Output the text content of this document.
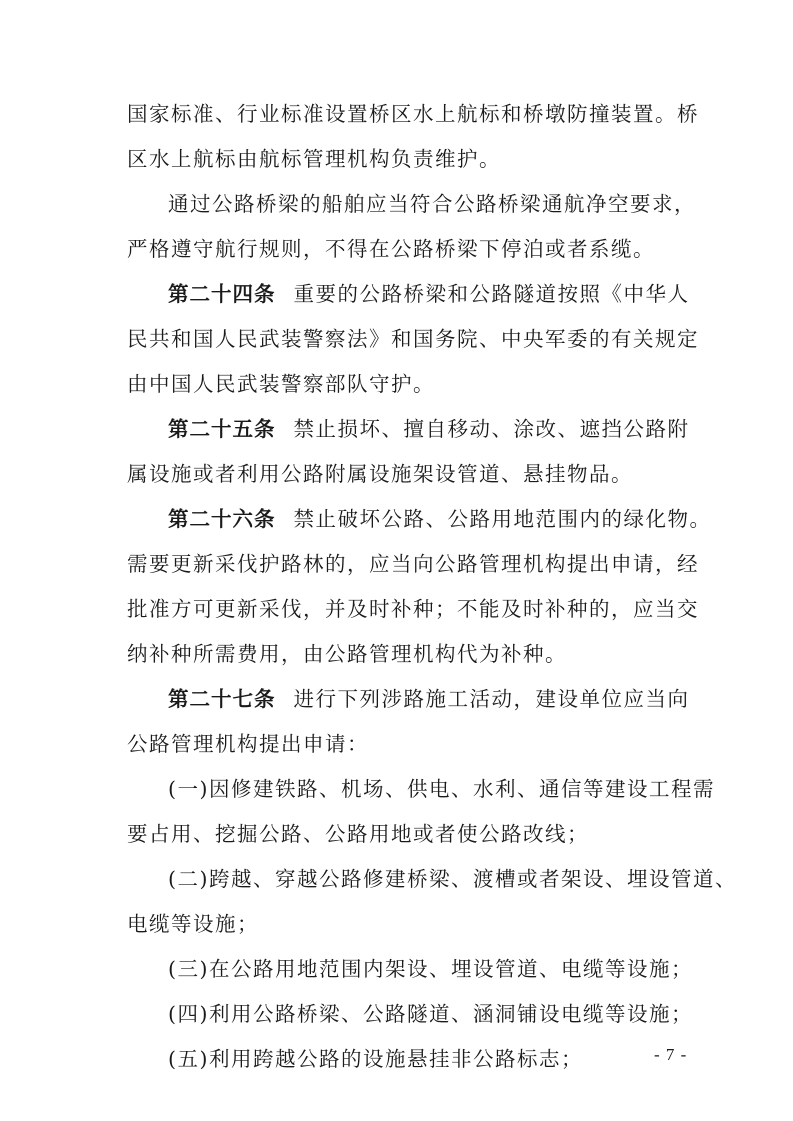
国家标准、行业标准设置桥区水上航标和桥墩防撞装置。桥
区水上航标由航标管理机构负责维护。
通过公路桥梁的船舶应当符合公路桥梁通航净空要求，
严格遵守航行规则，不得在公路桥梁下停泊或者系缆。
第二十四条 重要的公路桥梁和公路隧道按照《中华人
民共和国人民武装警察法》和国务院、中央军委的有关规定
由中国人民武装警察部队守护。
第二十五条 禁止损坏、擅自移动、涂改、遮挡公路附
属设施或者利用公路附属设施架设管道、悬挂物品。
第二十六条 禁止破坏公路、公路用地范围内的绿化物。
需要更新采伐护路林的，应当向公路管理机构提出申请，经
批准方可更新采伐，并及时补种；不能及时补种的，应当交
纳补种所需费用，由公路管理机构代为补种。
第二十七条 进行下列涉路施工活动，建设单位应当向
公路管理机构提出申请：
(一)因修建铁路、机场、供电、水利、通信等建设工程需
要占用、挖掘公路、公路用地或者使公路改线；
(二)跨越、穿越公路修建桥梁、渡槽或者架设、埋设管道、
电缆等设施；
(三)在公路用地范围内架设、埋设管道、电缆等设施；
(四)利用公路桥梁、公路隧道、涵洞铺设电缆等设施；
(五)利用跨越公路的设施悬挂非公路标志；	- 7 -
